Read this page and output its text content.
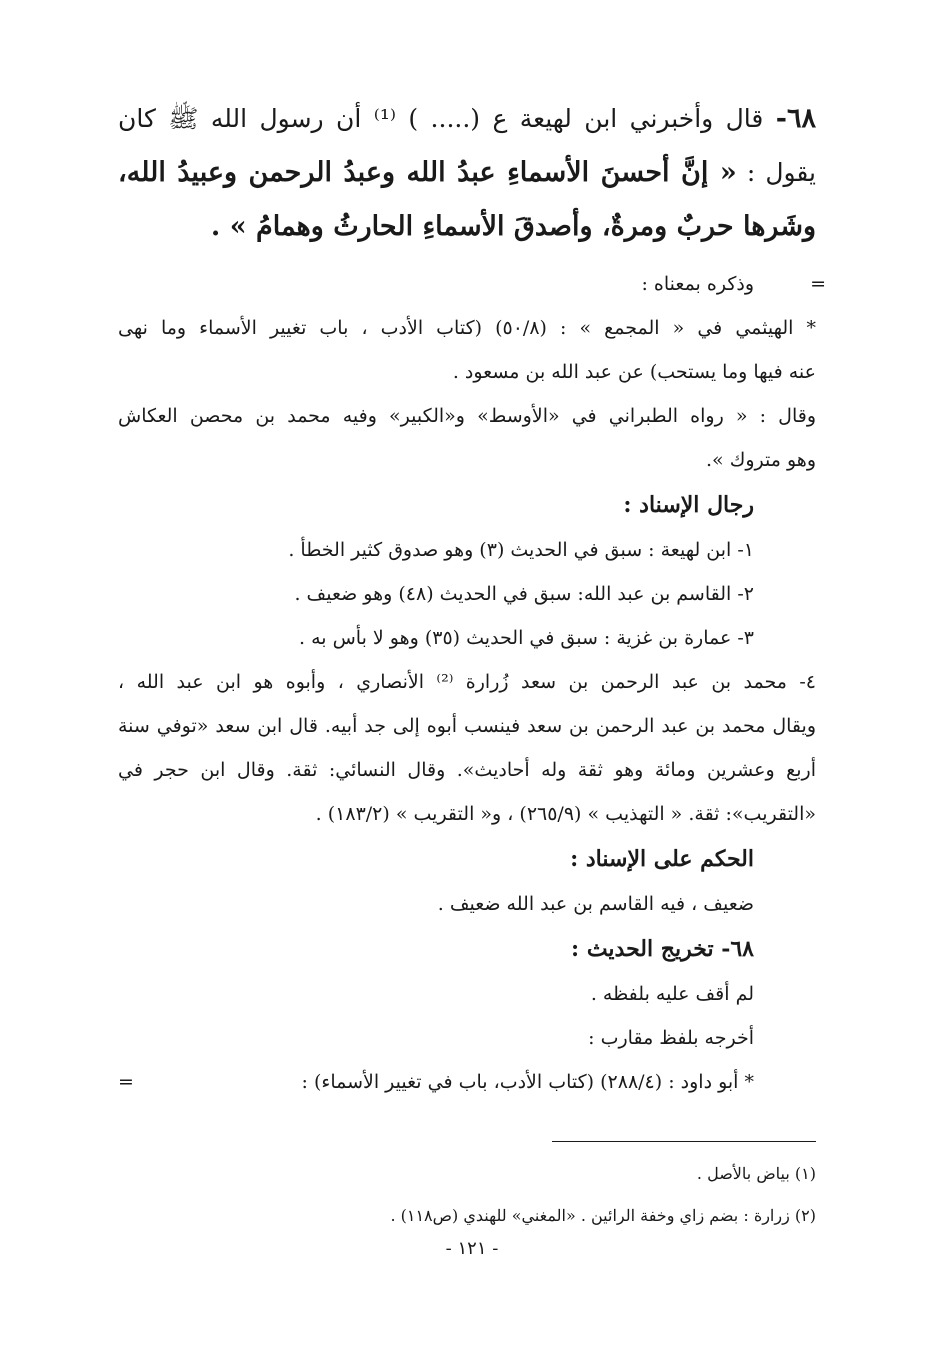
٦٨- قال وأخبرني ابن لهيعة ع (..... ) ⁽¹⁾ أن رسول الله ﷺ كان يقول : « إنَّ أحسنَ الأسماءِ عبدُ الله وعبدُ الرحمن وعبيدُ الله، وشَرها حربٌ ومرةٌ، وأصدقَ الأسماءِ الحارثُ وهمامُ » .
=
وذكره بمعناه :
* الهيثمي في « المجمع » : (٥٠/٨) (كتاب الأدب ، باب تغيير الأسماء وما نهى
عنه فيها وما يستحب) عن عبد الله بن مسعود .
وقال : « رواه الطبراني في «الأوسط» و«الكبير» وفيه محمد بن محصن العكاش
وهو متروك ».
رجال الإسناد :
١- ابن لهيعة : سبق في الحديث (٣) وهو صدوق كثير الخطأ .
٢- القاسم بن عبد الله: سبق في الحديث (٤٨) وهو ضعيف .
٣- عمارة بن غزية : سبق في الحديث (٣٥) وهو لا بأس به .
٤- محمد بن عبد الرحمن بن سعد زُرارة ⁽²⁾ الأنصاري ، وأبوه هو ابن عبد الله ،
ويقال محمد بن عبد الرحمن بن سعد فينسب أبوه إلى جد أبيه. قال ابن سعد «توفي سنة
أربع وعشرين ومائة وهو ثقة وله أحاديث». وقال النسائي: ثقة. وقال ابن حجر في
«التقريب»: ثقة. « التهذيب » (٢٦٥/٩) ، و« التقريب » (١٨٣/٢) .
الحكم على الإسناد :
ضعيف ، فيه القاسم بن عبد الله ضعيف .
٦٨- تخريج الحديث :
لم أقف عليه بلفظه .
أخرجه بلفظ مقارب :
* أبو داود : (٢٨٨/٤) (كتاب الأدب، باب في تغيير الأسماء) :
=
(١) بياض بالأصل .
(٢) زرارة : بضم زاي وخفة الرائين . «المغني» للهندي (ص١١٨) .
- ١٢١ -
